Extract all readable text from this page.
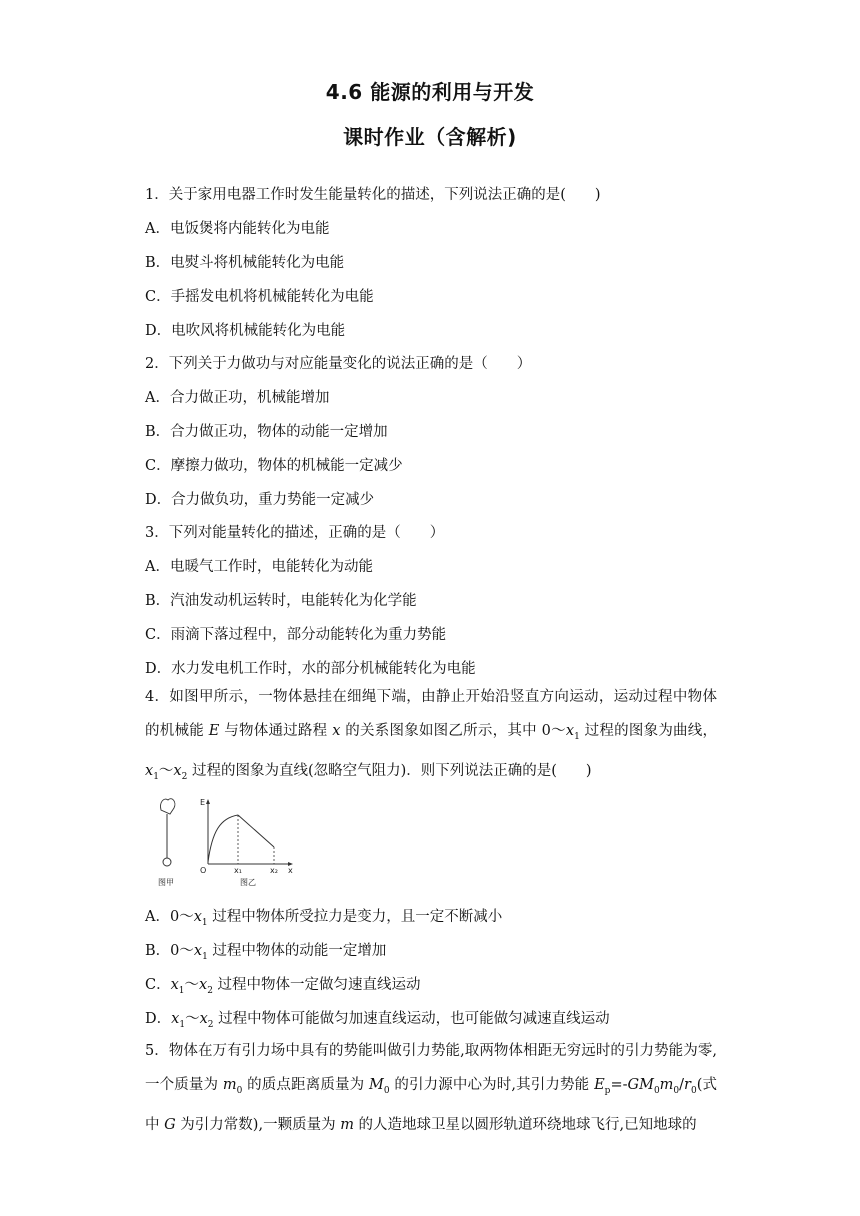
4.6 能源的利用与开发
课时作业（含解析)
1．关于家用电器工作时发生能量转化的描述，下列说法正确的是(　　)
A．电饭煲将内能转化为电能
B．电熨斗将机械能转化为电能
C．手摇发电机将机械能转化为电能
D．电吹风将机械能转化为电能
2．下列关于力做功与对应能量变化的说法正确的是（　　）
A．合力做正功，机械能增加
B．合力做正功，物体的动能一定增加
C．摩擦力做功，物体的机械能一定减少
D．合力做负功，重力势能一定减少
3．下列对能量转化的描述，正确的是（　　）
A．电暖气工作时，电能转化为动能
B．汽油发动机运转时，电能转化为化学能
C．雨滴下落过程中，部分动能转化为重力势能
D．水力发电机工作时，水的部分机械能转化为电能
4．如图甲所示，一物体悬挂在细绳下端，由静止开始沿竖直方向运动，运动过程中物体的机械能 E 与物体通过路程 x 的关系图象如图乙所示，其中 $0\sim x_1$ 过程的图象为曲线，$x_1\sim x_2$ 过程的图象为直线(忽略空气阻力)．则下列说法正确的是(　　)
图甲
E
x
O	x₁	x₂
图乙
A．$0\sim x_1$ 过程中物体所受拉力是变力，且一定不断减小
B．$0\sim x_1$ 过程中物体的动能一定增加
C．$x_1\sim x_2$ 过程中物体一定做匀速直线运动
D．$x_1\sim x_2$ 过程中物体可能做匀加速直线运动，也可能做匀减速直线运动
5．物体在万有引力场中具有的势能叫做引力势能,取两物体相距无穷远时的引力势能为零,一个质量为 $m_0$ 的质点距离质量为 $M_0$ 的引力源中心为时,其引力势能 $E_p=-GM_0m_0/r_0$(式中 G 为引力常数),一颗质量为 m 的人造地球卫星以圆形轨道环绕地球飞行,已知地球的
